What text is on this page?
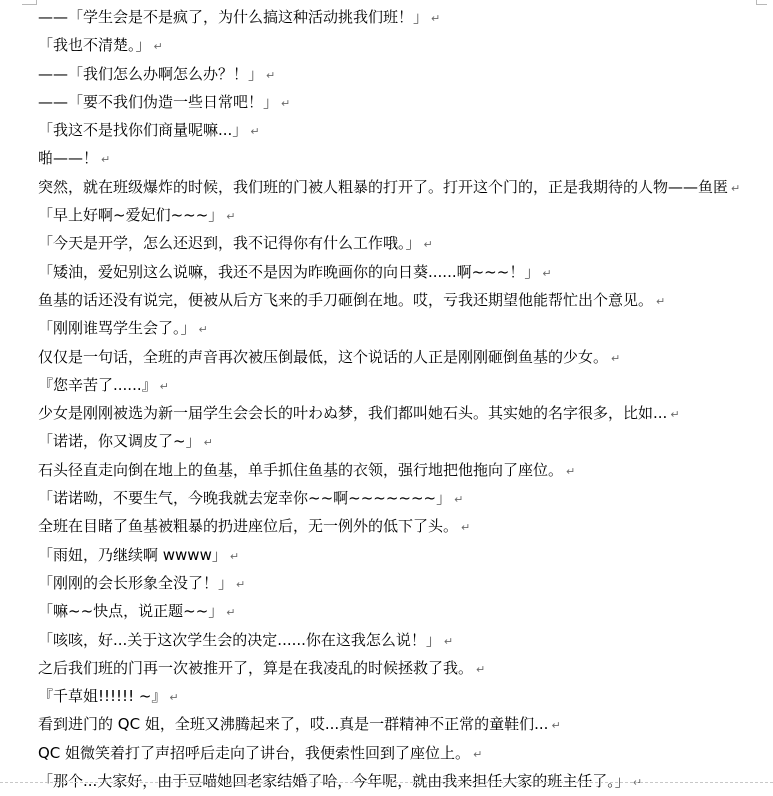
——「学生会是不是疯了，为什么搞这种活动挑我们班！」 ↵

「我也不清楚。」 ↵

——「我们怎么办啊怎么办？！」 ↵

——「要不我们伪造一些日常吧！」 ↵

「我这不是找你们商量呢嘛...」 ↵

啪——！ ↵

突然，就在班级爆炸的时候，我们班的门被人粗暴的打开了。打开这个门的，正是我期待的人物——鱼匿 ↵

「早上好啊~爱妃们~~~」 ↵

「今天是开学，怎么还迟到，我不记得你有什么工作哦。」 ↵

「矮油，爱妃别这么说嘛，我还不是因为昨晚画你的向日葵......啊~~~！」 ↵

鱼基的话还没有说完，便被从后方飞来的手刀砸倒在地。哎，亏我还期望他能帮忙出个意见。 ↵

「刚刚谁骂学生会了。」 ↵

仅仅是一句话，全班的声音再次被压倒最低，这个说话的人正是刚刚砸倒鱼基的少女。 ↵

『您辛苦了......』 ↵

少女是刚刚被选为新一届学生会会长的叶わぬ梦，我们都叫她石头。其实她的名字很多，比如... ↵

「诺诺，你又调皮了~」 ↵

石头径直走向倒在地上的鱼基，单手抓住鱼基的衣领，强行地把他拖向了座位。 ↵

「诺诺呦，不要生气，今晚我就去宠幸你~~啊~~~~~~~」 ↵

全班在目睹了鱼基被粗暴的扔进座位后，无一例外的低下了头。 ↵

「雨妞，乃继续啊 wwww」 ↵

「刚刚的会长形象全没了！」 ↵

「嘛~~快点，说正题~~」 ↵

「咳咳，好...关于这次学生会的决定......你在这我怎么说！」 ↵

之后我们班的门再一次被推开了，算是在我凌乱的时候拯救了我。 ↵

『千草姐!!!!!! ~』 ↵

看到进门的 QC 姐，全班又沸腾起来了，哎...真是一群精神不正常的童鞋们... ↵

QC 姐微笑着打了声招呼后走向了讲台，我便索性回到了座位上。 ↵

「那个...大家好，由于豆喵她回老家结婚了哈，今年呢，就由我来担任大家的班主任了。」 ↵
